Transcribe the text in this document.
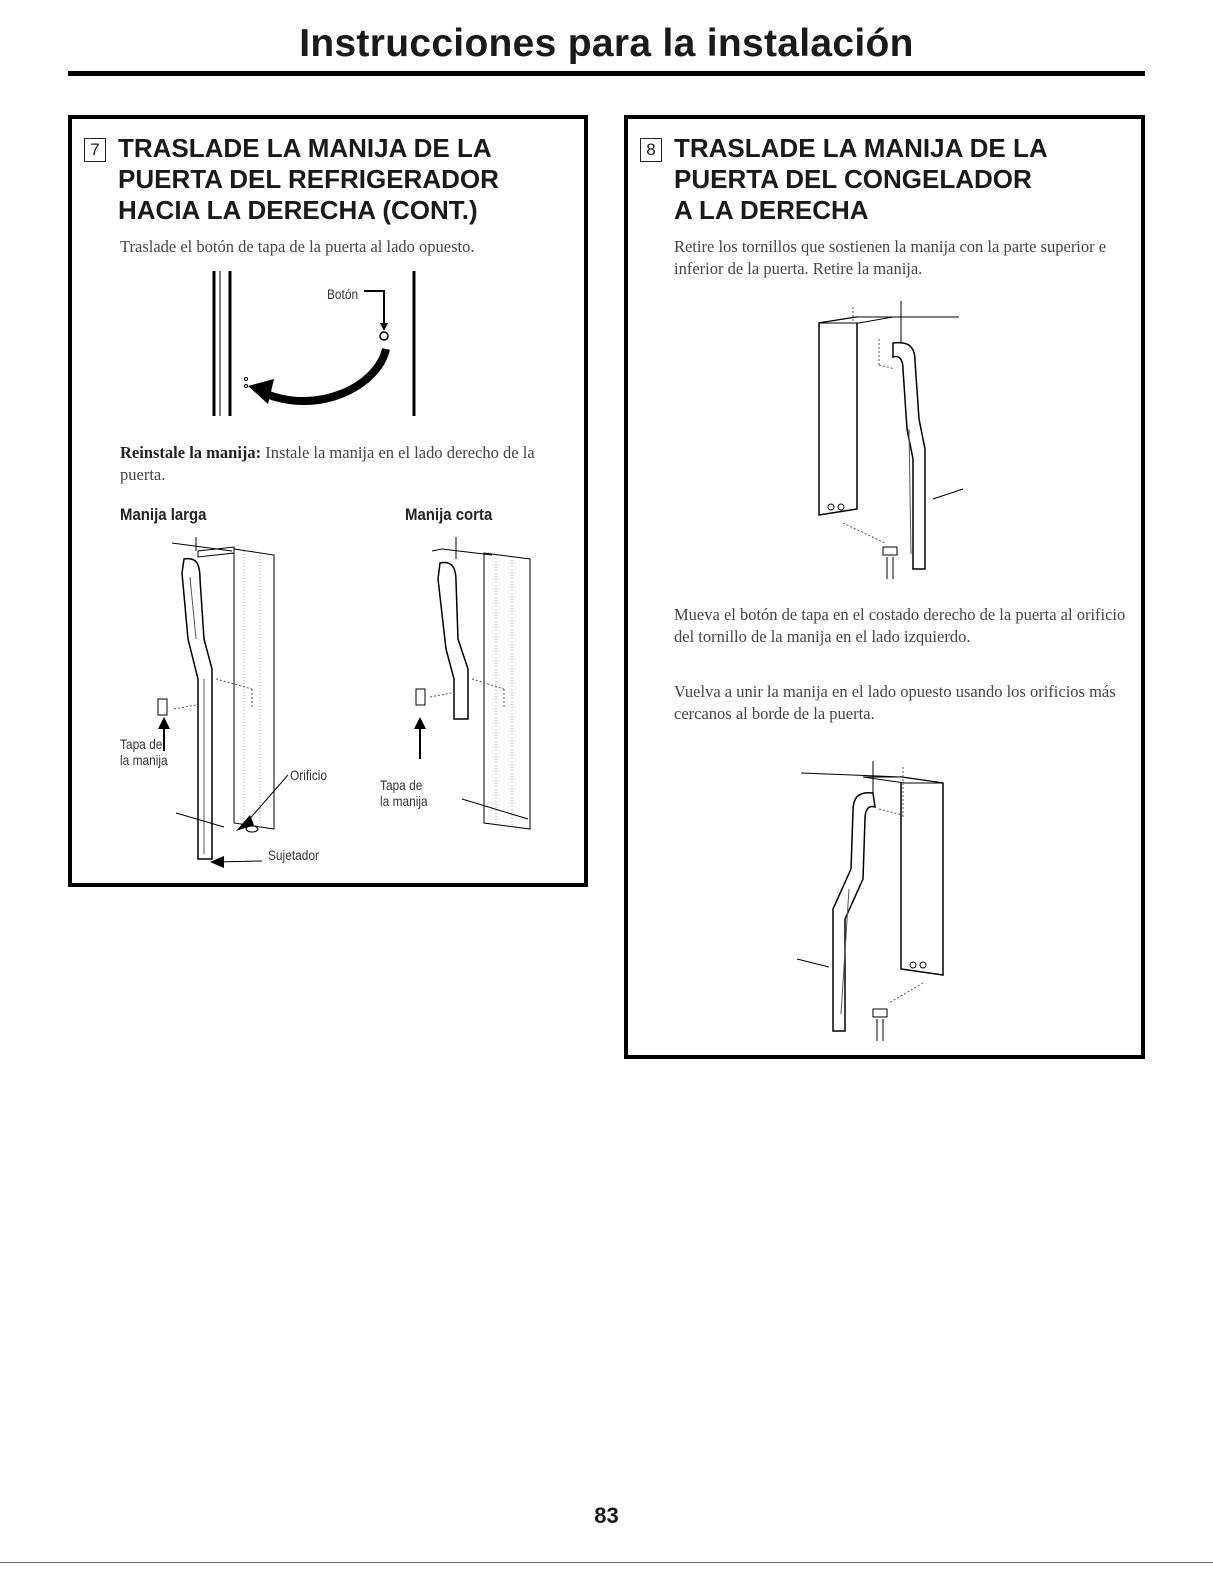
Instrucciones para la instalación
7 TRASLADE LA MANIJA DE LA
PUERTA DEL REFRIGERADOR
HACIA LA DERECHA (CONT.)
Traslade el botón de tapa de la puerta al lado opuesto.
Botón
Reinstale la manija: Instale la manija en el lado derecho de la puerta.
Manija larga	Manija corta
Tapa de
la manija
Orificio
Sujetador
Tapa de
la manija
8 TRASLADE LA MANIJA DE LA
PUERTA DEL CONGELADOR
A LA DERECHA
Retire los tornillos que sostienen la manija con la parte superior e inferior de la puerta. Retire la manija.
Mueva el botón de tapa en el costado derecho de la puerta al orificio del tornillo de la manija en el lado izquierdo.
Vuelva a unir la manija en el lado opuesto usando los orificios más cercanos al borde de la puerta.
83
